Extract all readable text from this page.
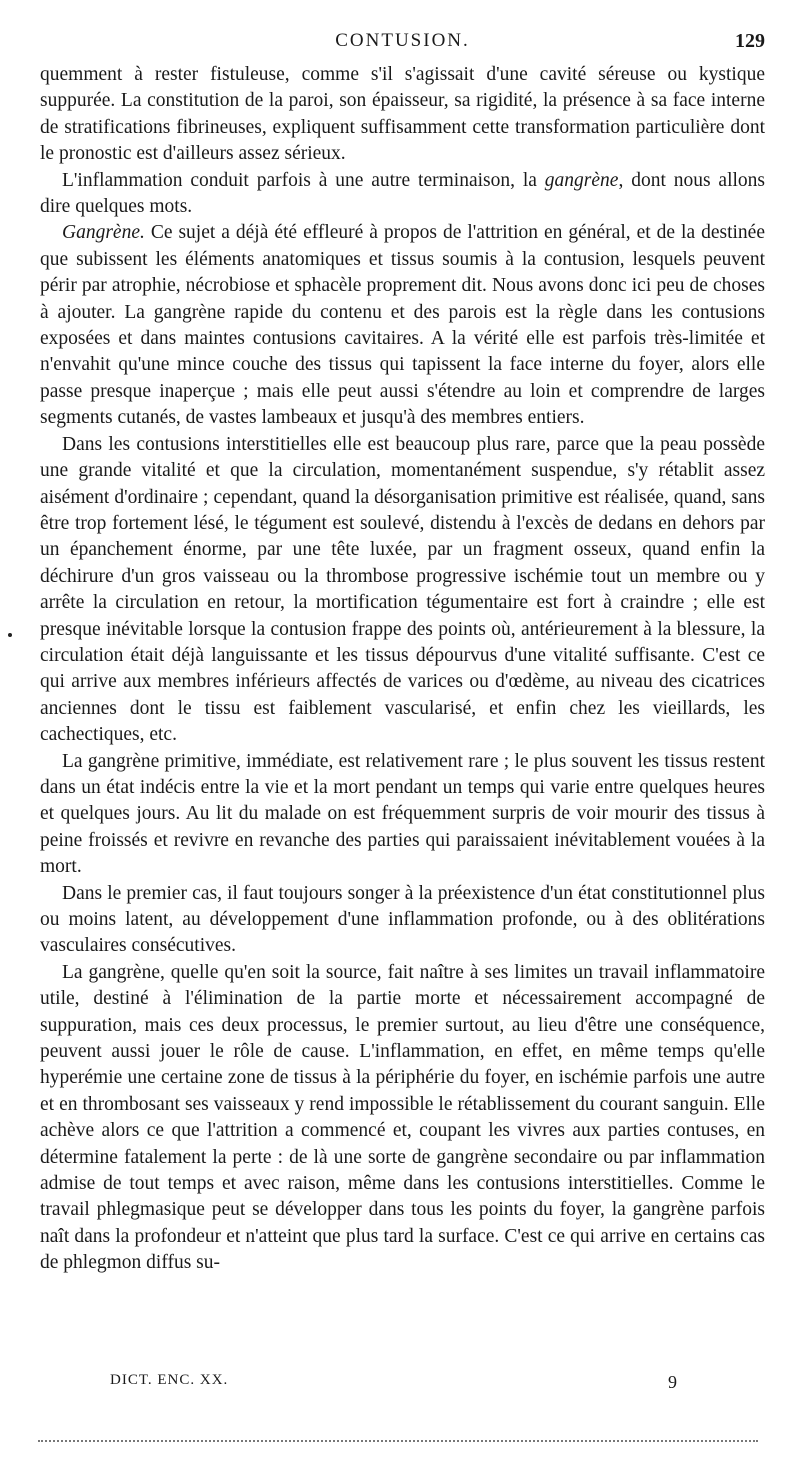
CONTUSION.	129

quemment à rester fistuleuse, comme s'il s'agissait d'une cavité séreuse ou kystique suppurée. La constitution de la paroi, son épaisseur, sa rigidité, la présence à sa face interne de stratifications fibrineuses, expliquent suffisamment cette transformation particulière dont le pronostic est d'ailleurs assez sérieux.

L'inflammation conduit parfois à une autre terminaison, la gangrène, dont nous allons dire quelques mots.

Gangrène. Ce sujet a déjà été effleuré à propos de l'attrition en général, et de la destinée que subissent les éléments anatomiques et tissus soumis à la contusion, lesquels peuvent périr par atrophie, nécrobiose et sphacèle proprement dit. Nous avons donc ici peu de choses à ajouter. La gangrène rapide du contenu et des parois est la règle dans les contusions exposées et dans maintes contusions cavitaires. A la vérité elle est parfois très-limitée et n'envahit qu'une mince couche des tissus qui tapissent la face interne du foyer, alors elle passe presque inaperçue ; mais elle peut aussi s'étendre au loin et comprendre de larges segments cutanés, de vastes lambeaux et jusqu'à des membres entiers.

Dans les contusions interstitielles elle est beaucoup plus rare, parce que la peau possède une grande vitalité et que la circulation, momentanément suspendue, s'y rétablit assez aisément d'ordinaire ; cependant, quand la désorganisation primitive est réalisée, quand, sans être trop fortement lésé, le tégument est soulevé, distendu à l'excès de dedans en dehors par un épanchement énorme, par une tête luxée, par un fragment osseux, quand enfin la déchirure d'un gros vaisseau ou la thrombose progressive ischémie tout un membre ou y arrête la circulation en retour, la mortification tégumentaire est fort à craindre ; elle est presque inévitable lorsque la contusion frappe des points où, antérieurement à la blessure, la circulation était déjà languissante et les tissus dépourvus d'une vitalité suffisante. C'est ce qui arrive aux membres inférieurs affectés de varices ou d'œdème, au niveau des cicatrices anciennes dont le tissu est faiblement vascularisé, et enfin chez les vieillards, les cachectiques, etc.

La gangrène primitive, immédiate, est relativement rare ; le plus souvent les tissus restent dans un état indécis entre la vie et la mort pendant un temps qui varie entre quelques heures et quelques jours. Au lit du malade on est fréquemment surpris de voir mourir des tissus à peine froissés et revivre en revanche des parties qui paraissaient inévitablement vouées à la mort.

Dans le premier cas, il faut toujours songer à la préexistence d'un état constitutionnel plus ou moins latent, au développement d'une inflammation profonde, ou à des oblitérations vasculaires consécutives.

La gangrène, quelle qu'en soit la source, fait naître à ses limites un travail inflammatoire utile, destiné à l'élimination de la partie morte et nécessairement accompagné de suppuration, mais ces deux processus, le premier surtout, au lieu d'être une conséquence, peuvent aussi jouer le rôle de cause. L'inflammation, en effet, en même temps qu'elle hyperémie une certaine zone de tissus à la périphérie du foyer, en ischémie parfois une autre et en thrombosant ses vaisseaux y rend impossible le rétablissement du courant sanguin. Elle achève alors ce que l'attrition a commencé et, coupant les vivres aux parties contuses, en détermine fatalement la perte : de là une sorte de gangrène secondaire ou par inflammation admise de tout temps et avec raison, même dans les contusions interstitielles. Comme le travail phlegmasique peut se développer dans tous les points du foyer, la gangrène parfois naît dans la profondeur et n'atteint que plus tard la surface. C'est ce qui arrive en certains cas de phlegmon diffus su-

DICT. ENC. XX.	9
